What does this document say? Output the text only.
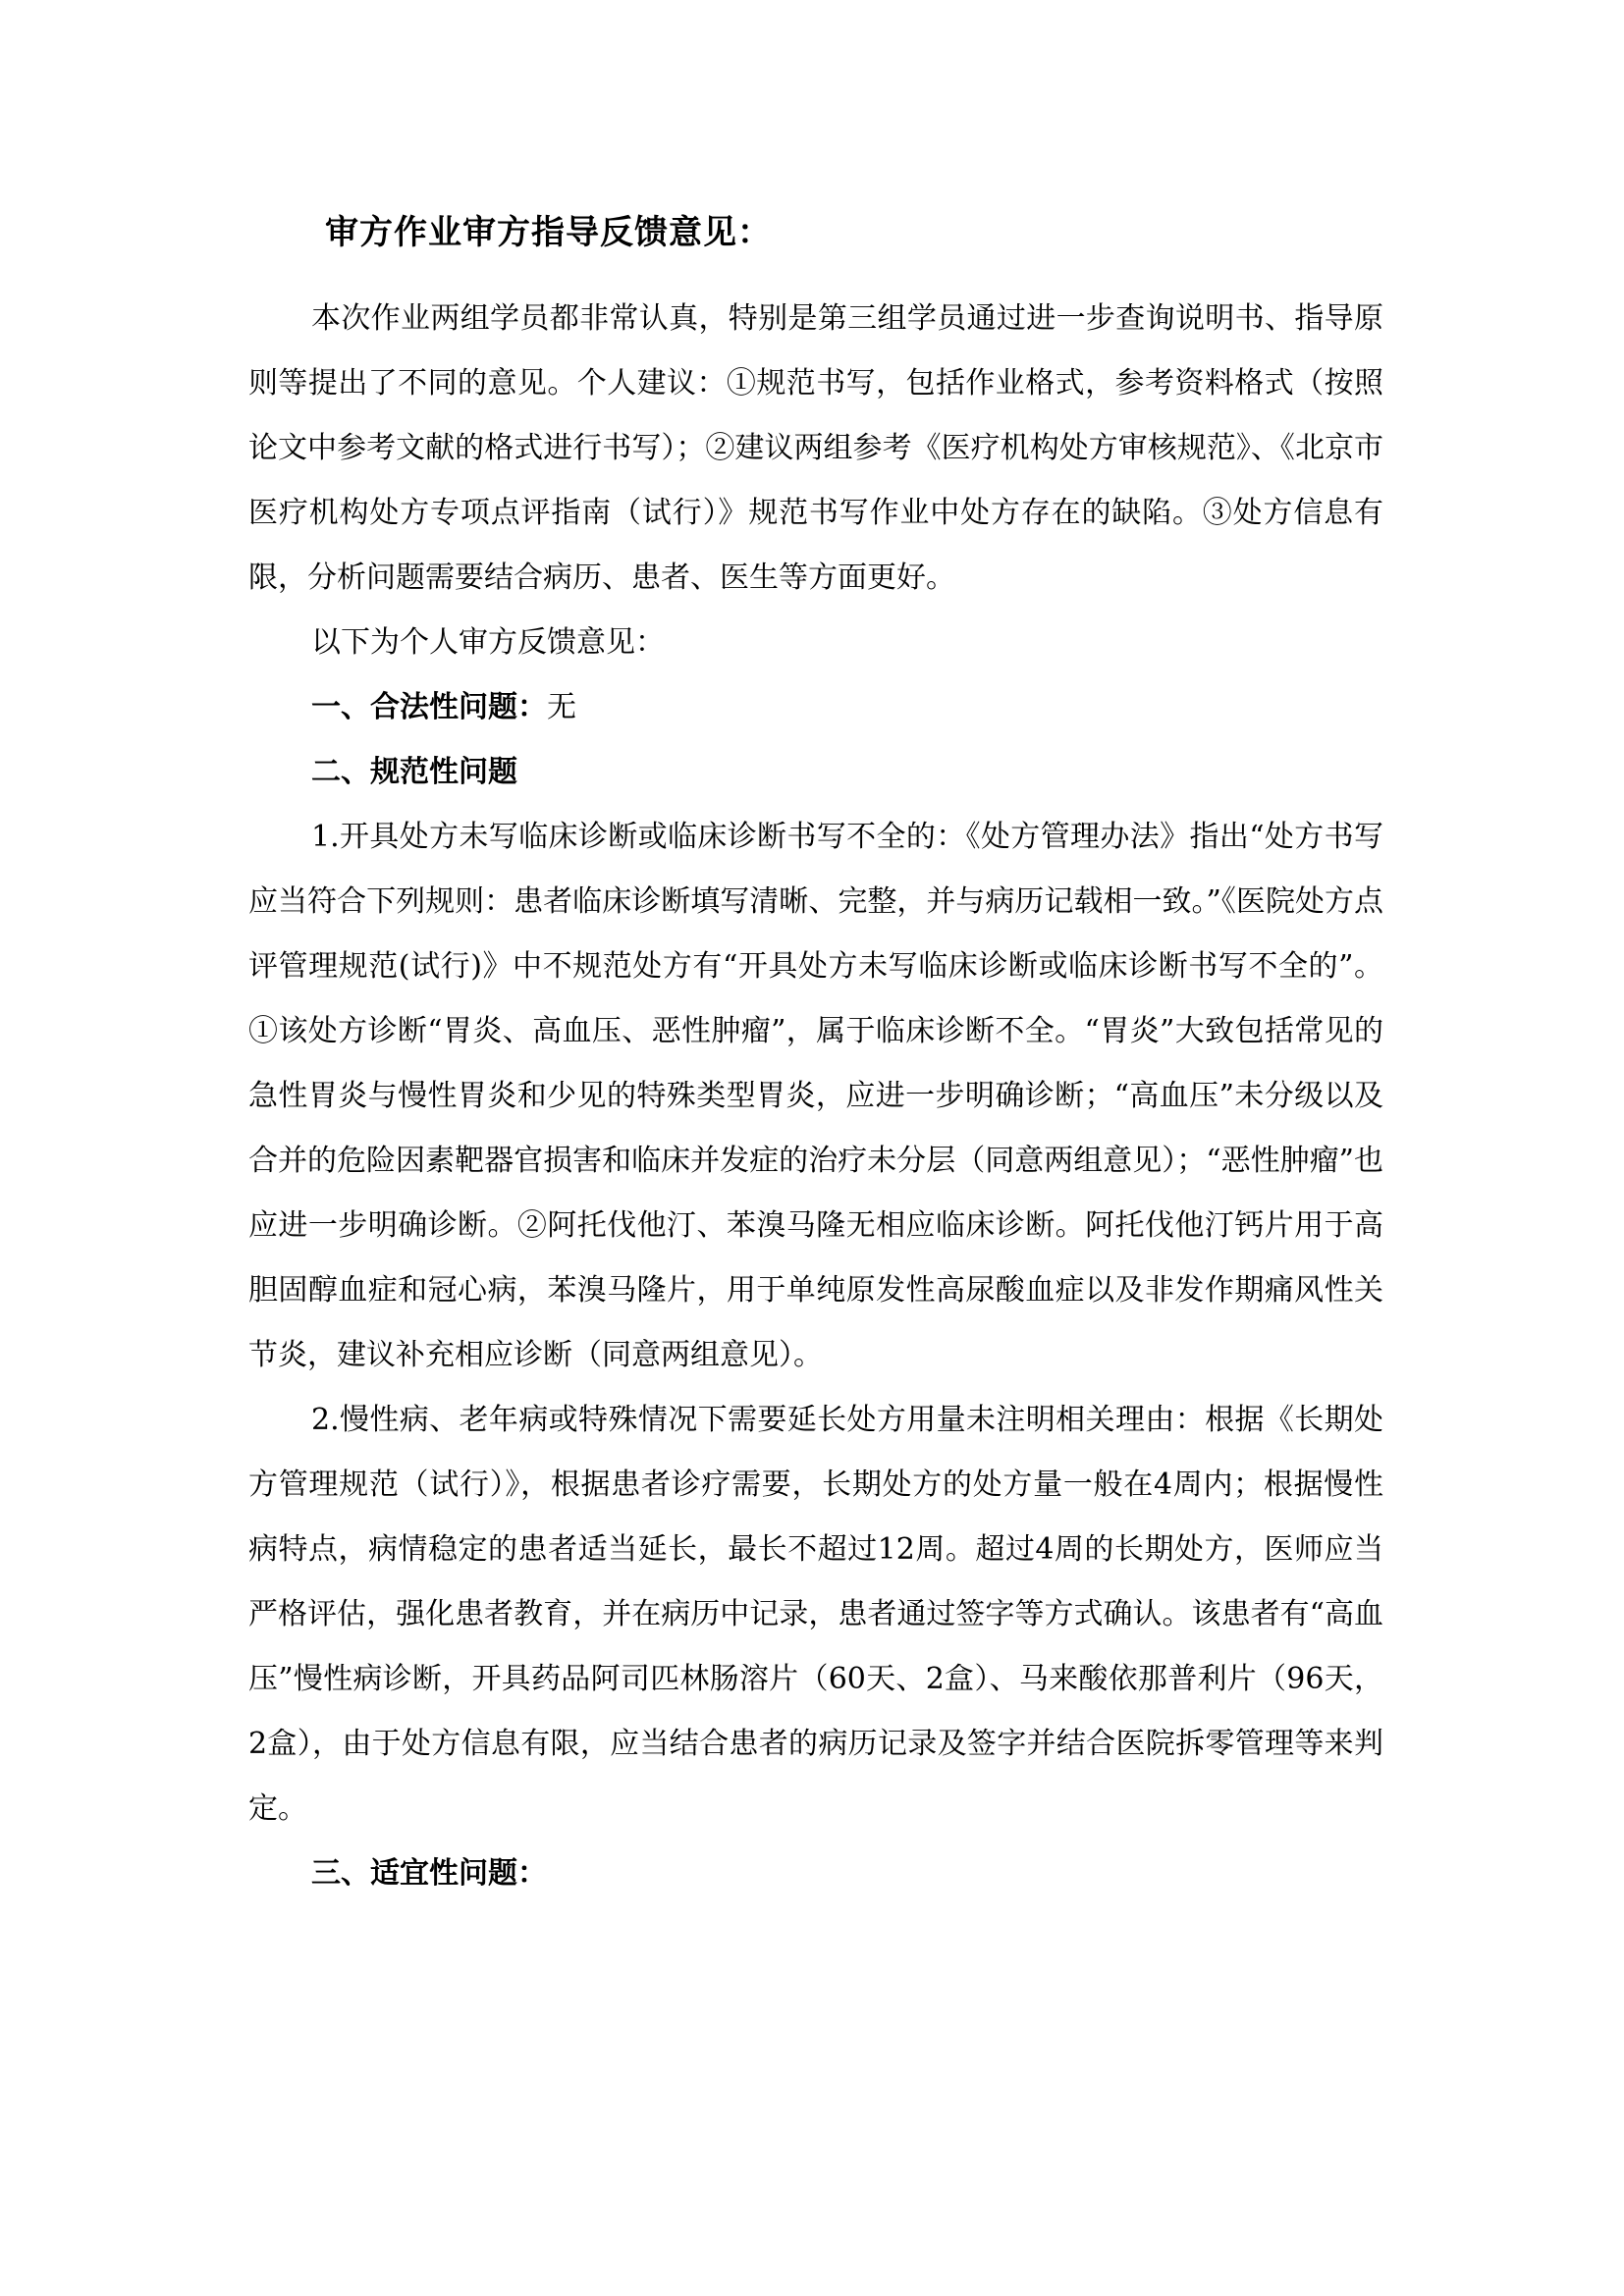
审方作业审方指导反馈意见：

本次作业两组学员都非常认真，特别是第三组学员通过进一步查询说明书、指导原则等提出了不同的意见。个人建议：①规范书写，包括作业格式，参考资料格式（按照论文中参考文献的格式进行书写）；②建议两组参考《医疗机构处方审核规范》、《北京市医疗机构处方专项点评指南（试行）》规范书写作业中处方存在的缺陷。③处方信息有限，分析问题需要结合病历、患者、医生等方面更好。

以下为个人审方反馈意见：

一、合法性问题：无

二、规范性问题

1.开具处方未写临床诊断或临床诊断书写不全的：《处方管理办法》指出“处方书写应当符合下列规则：患者临床诊断填写清晰、完整，并与病历记载相一致。”《医院处方点评管理规范(试行)》中不规范处方有“开具处方未写临床诊断或临床诊断书写不全的”。①该处方诊断“胃炎、高血压、恶性肿瘤”，属于临床诊断不全。“胃炎”大致包括常见的急性胃炎与慢性胃炎和少见的特殊类型胃炎，应进一步明确诊断；“高血压”未分级以及合并的危险因素靶器官损害和临床并发症的治疗未分层（同意两组意见）；“恶性肿瘤”也应进一步明确诊断。②阿托伐他汀、苯溴马隆无相应临床诊断。阿托伐他汀钙片用于高胆固醇血症和冠心病，苯溴马隆片，用于单纯原发性高尿酸血症以及非发作期痛风性关节炎，建议补充相应诊断（同意两组意见）。

2.慢性病、老年病或特殊情况下需要延长处方用量未注明相关理由：根据《长期处方管理规范（试行）》，根据患者诊疗需要，长期处方的处方量一般在4周内；根据慢性病特点，病情稳定的患者适当延长，最长不超过12周。超过4周的长期处方，医师应当严格评估，强化患者教育，并在病历中记录，患者通过签字等方式确认。该患者有“高血压”慢性病诊断，开具药品阿司匹林肠溶片（60天、2盒）、马来酸依那普利片（96天，2盒），由于处方信息有限，应当结合患者的病历记录及签字并结合医院拆零管理等来判定。

三、适宜性问题：
